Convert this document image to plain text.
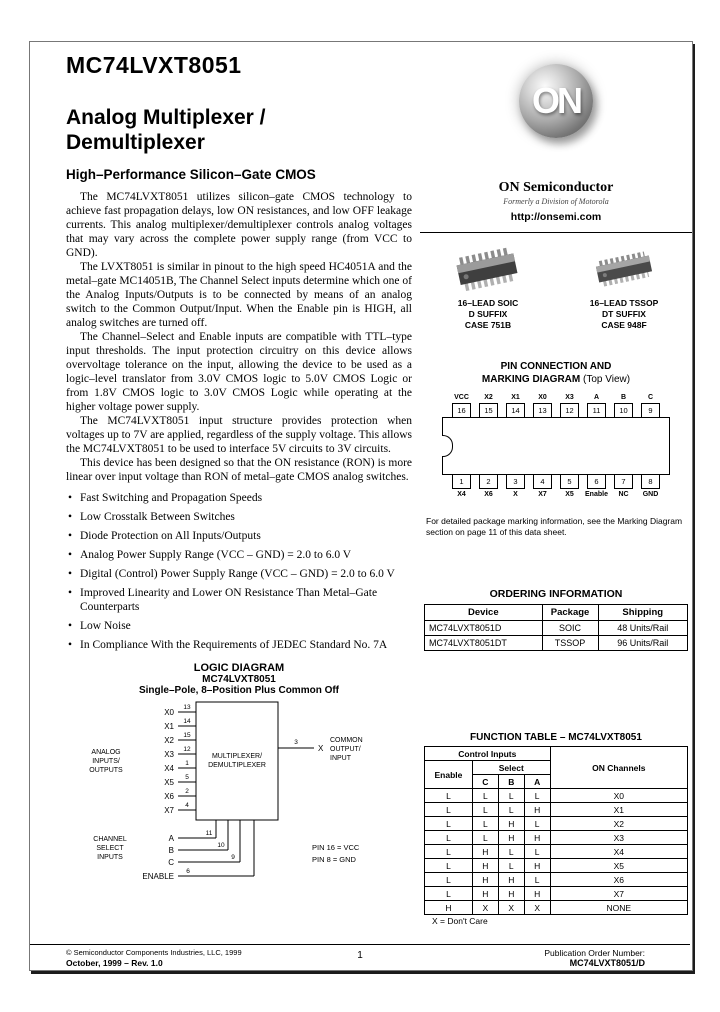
MC74LVXT8051
Analog Multiplexer /
Demultiplexer
High–Performance Silicon–Gate CMOS

The MC74LVXT8051 utilizes silicon–gate CMOS technology to achieve fast propagation delays, low ON resistances, and low OFF leakage currents. This analog multiplexer/demultiplexer controls analog voltages that may vary across the complete power supply range (from VCC to GND).

The LVXT8051 is similar in pinout to the high speed HC4051A and the metal–gate MC14051B, The Channel Select inputs determine which one of the Analog Inputs/Outputs is to be connected by means of an analog switch to the Common Output/Input. When the Enable pin is HIGH, all analog switches are turned off.

The Channel–Select and Enable inputs are compatible with TTL–type input thresholds. The input protection circuitry on this device allows overvoltage tolerance on the input, allowing the device to be used as a logic–level translator from 3.0V CMOS logic to 5.0V CMOS Logic or from 1.8V CMOS logic to 3.0V CMOS Logic while operating at the higher voltage power supply.

The MC74LVXT8051 input structure provides protection when voltages up to 7V are applied, regardless of the supply voltage. This allows the MC74LVXT8051 to be used to interface 5V circuits to 3V circuits.

This device has been designed so that the ON resistance (RON) is more linear over input voltage than RON of metal–gate CMOS analog switches.

• Fast Switching and Propagation Speeds
• Low Crosstalk Between Switches
• Diode Protection on All Inputs/Outputs
• Analog Power Supply Range (VCC – GND) = 2.0 to 6.0 V
• Digital (Control) Power Supply Range (VCC – GND) = 2.0 to 6.0 V
• Improved Linearity and Lower ON Resistance Than Metal–Gate Counterparts
• Low Noise
• In Compliance With the Requirements of JEDEC Standard No. 7A
LOGIC DIAGRAM
MC74LVXT8051
Single–Pole, 8–Position Plus Common Off
MULTIPLEXER/
DEMULTIPLEXER
X0
13
X1
14
X2
15
X3
12
X4
1
X5
5
X6
2
X7
4
ANALOG
INPUTS/
OUTPUTS
3
X
COMMON
OUTPUT/
INPUT
A
11
B
10
C
9
CHANNEL
SELECT
INPUTS
ENABLE
6
PIN 16 = VCC
PIN 8 = GND
ON
ON Semiconductor
Formerly a Division of Motorola
http://onsemi.com
16–LEAD SOIC
D SUFFIX
CASE 751B
16–LEAD TSSOP
DT SUFFIX
CASE 948F
PIN CONNECTION AND
MARKING DIAGRAM (Top View)
VCC	X2	X1	X0	X3	A	B	C
16	15	14	13	12	11	10	9
1	2	3	4	5	6	7	8
X4	X6	X	X7	X5	Enable	NC	GND
For detailed package marking information, see the Marking Diagram section on page 11 of this data sheet.
ORDERING INFORMATION
Device	Package	Shipping
MC74LVXT8051D	SOIC	48 Units/Rail
MC74LVXT8051DT	TSSOP	96 Units/Rail
FUNCTION TABLE – MC74LVXT8051
Control Inputs				ON Channels
Enable	Select			
	C	B	A	
L	L	L	L	X0
L	L	L	H	X1
L	L	H	L	X2
L	L	H	H	X3
L	H	L	L	X4
L	H	L	H	X5
L	H	H	L	X6
L	H	H	H	X7
H	X	X	X	NONE
X = Don't Care
© Semiconductor Components Industries, LLC, 1999
October, 1999 – Rev. 1.0
1	Publication Order Number:
MC74LVXT8051/D
